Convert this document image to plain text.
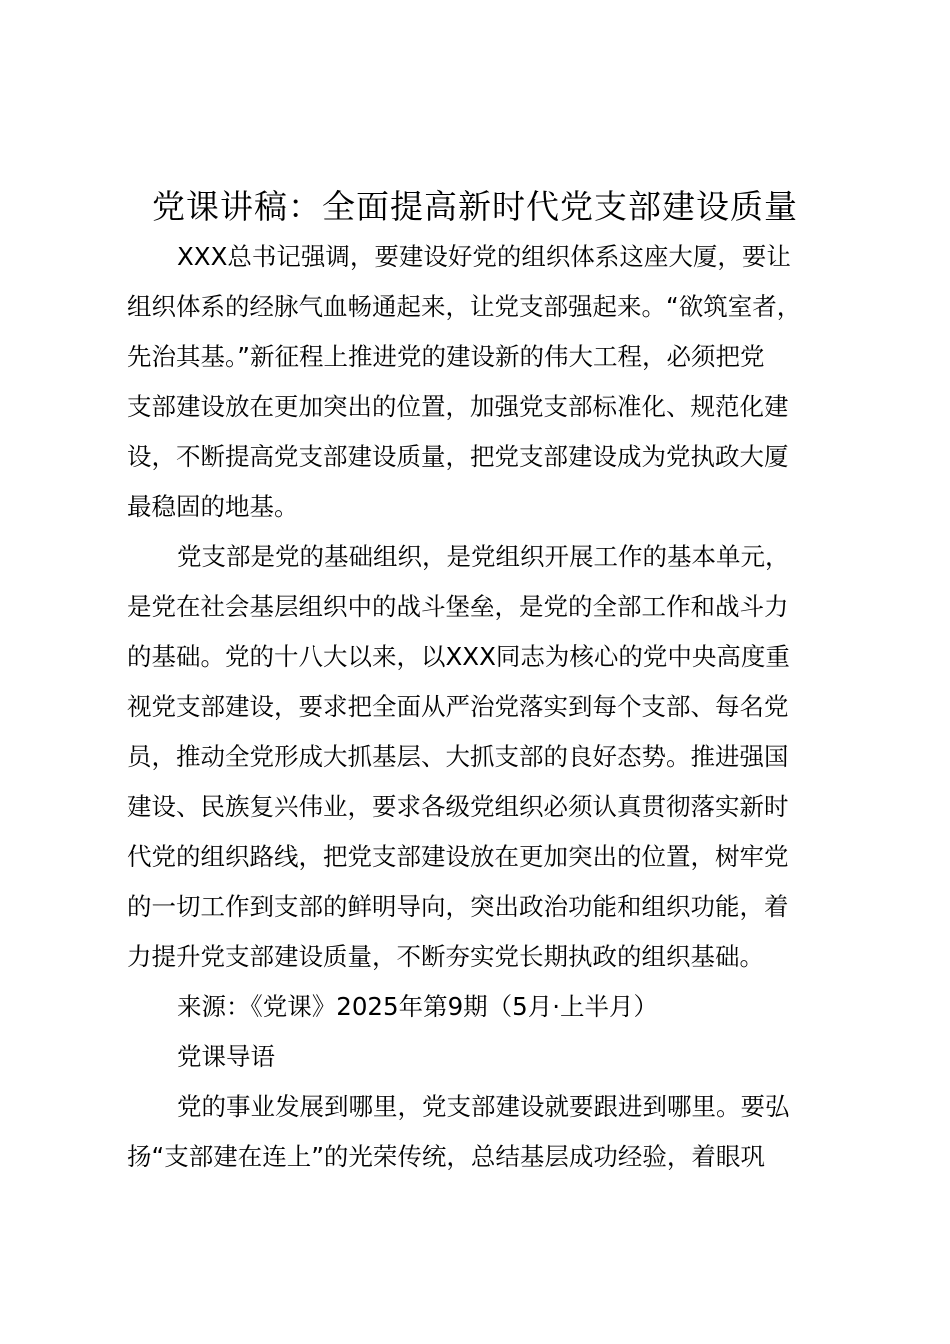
党课讲稿：全面提高新时代党支部建设质量
XXX总书记强调，要建设好党的组织体系这座大厦，要让
组织体系的经脉气血畅通起来，让党支部强起来。“欲筑室者，
先治其基。”新征程上推进党的建设新的伟大工程，必须把党
支部建设放在更加突出的位置，加强党支部标准化、规范化建
设，不断提高党支部建设质量，把党支部建设成为党执政大厦
最稳固的地基。
党支部是党的基础组织，是党组织开展工作的基本单元，
是党在社会基层组织中的战斗堡垒，是党的全部工作和战斗力
的基础。党的十八大以来，以XXX同志为核心的党中央高度重
视党支部建设，要求把全面从严治党落实到每个支部、每名党
员，推动全党形成大抓基层、大抓支部的良好态势。推进强国
建设、民族复兴伟业，要求各级党组织必须认真贯彻落实新时
代党的组织路线，把党支部建设放在更加突出的位置，树牢党
的一切工作到支部的鲜明导向，突出政治功能和组织功能，着
力提升党支部建设质量，不断夯实党长期执政的组织基础。

来源：《党课》2025年第9期（5月·上半月）

党课导语

党的事业发展到哪里，党支部建设就要跟进到哪里。要弘
扬“支部建在连上”的光荣传统，总结基层成功经验，着眼巩
